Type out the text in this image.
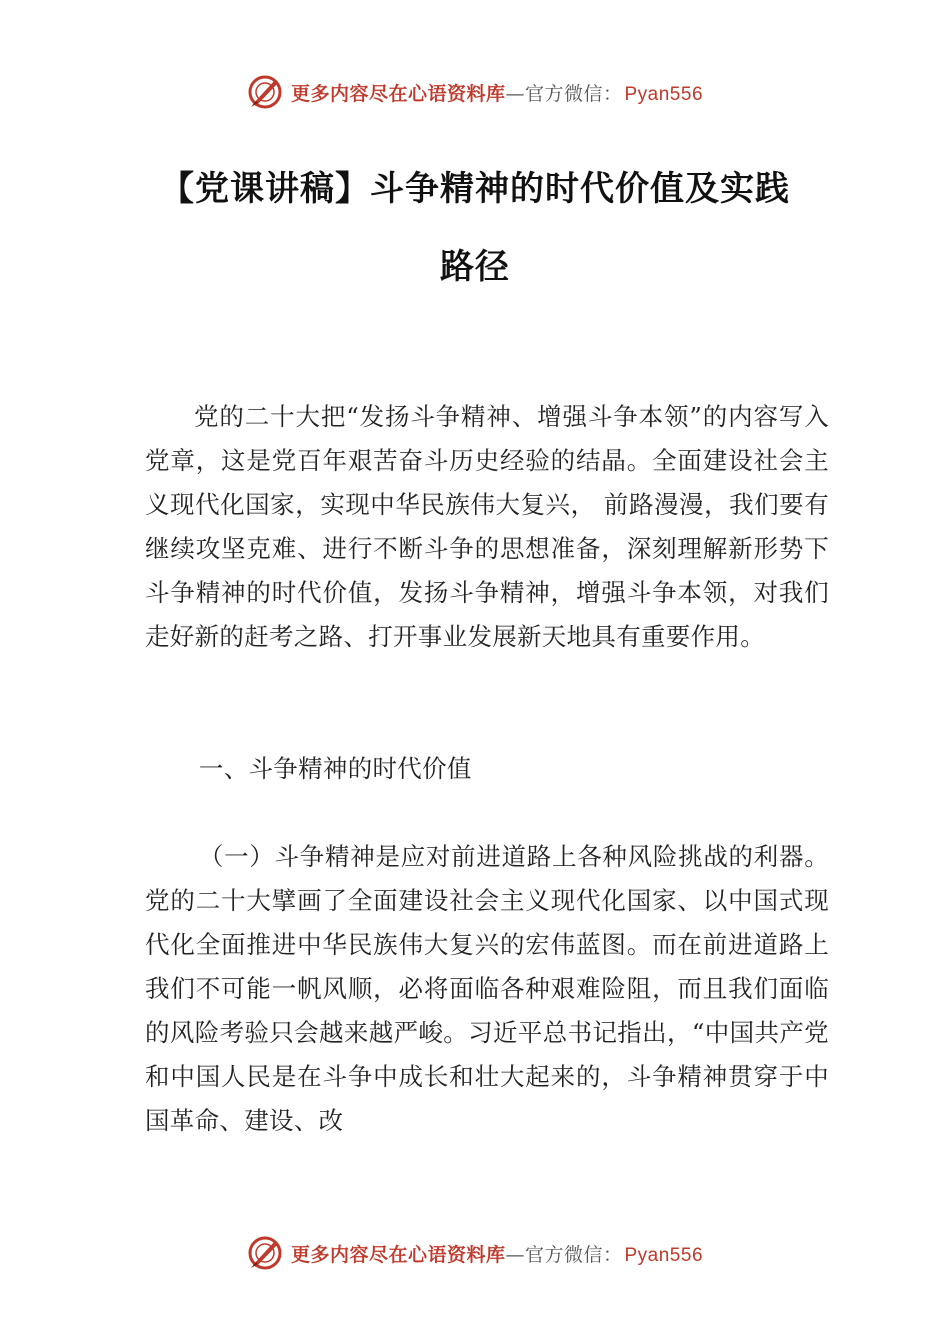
更多内容尽在心语资料库 — 官方微信： Pyan556
【党课讲稿】斗争精神的时代价值及实践路径

党的二十大把“发扬斗争精神、增强斗争本领”的内容写入党章，这是党百年艰苦奋斗历史经验的结晶。全面建设社会主义现代化国家，实现中华民族伟大复兴， 前路漫漫，我们要有继续攻坚克难、进行不断斗争的思想准备，深刻理解新形势下斗争精神的时代价值，发扬斗争精神，增强斗争本领，对我们走好新的赶考之路、打开事业发展新天地具有重要作用。

一、斗争精神的时代价值

（一）斗争精神是应对前进道路上各种风险挑战的利器。党的二十大擘画了全面建设社会主义现代化国家、以中国式现代化全面推进中华民族伟大复兴的宏伟蓝图。而在前进道路上我们不可能一帆风顺，必将面临各种艰难险阻，而且我们面临的风险考验只会越来越严峻。习近平总书记指出，“中国共产党和中国人民是在斗争中成长和壮大起来的，斗争精神贯穿于中国革命、建设、改

更多内容尽在心语资料库 — 官方微信： Pyan556
